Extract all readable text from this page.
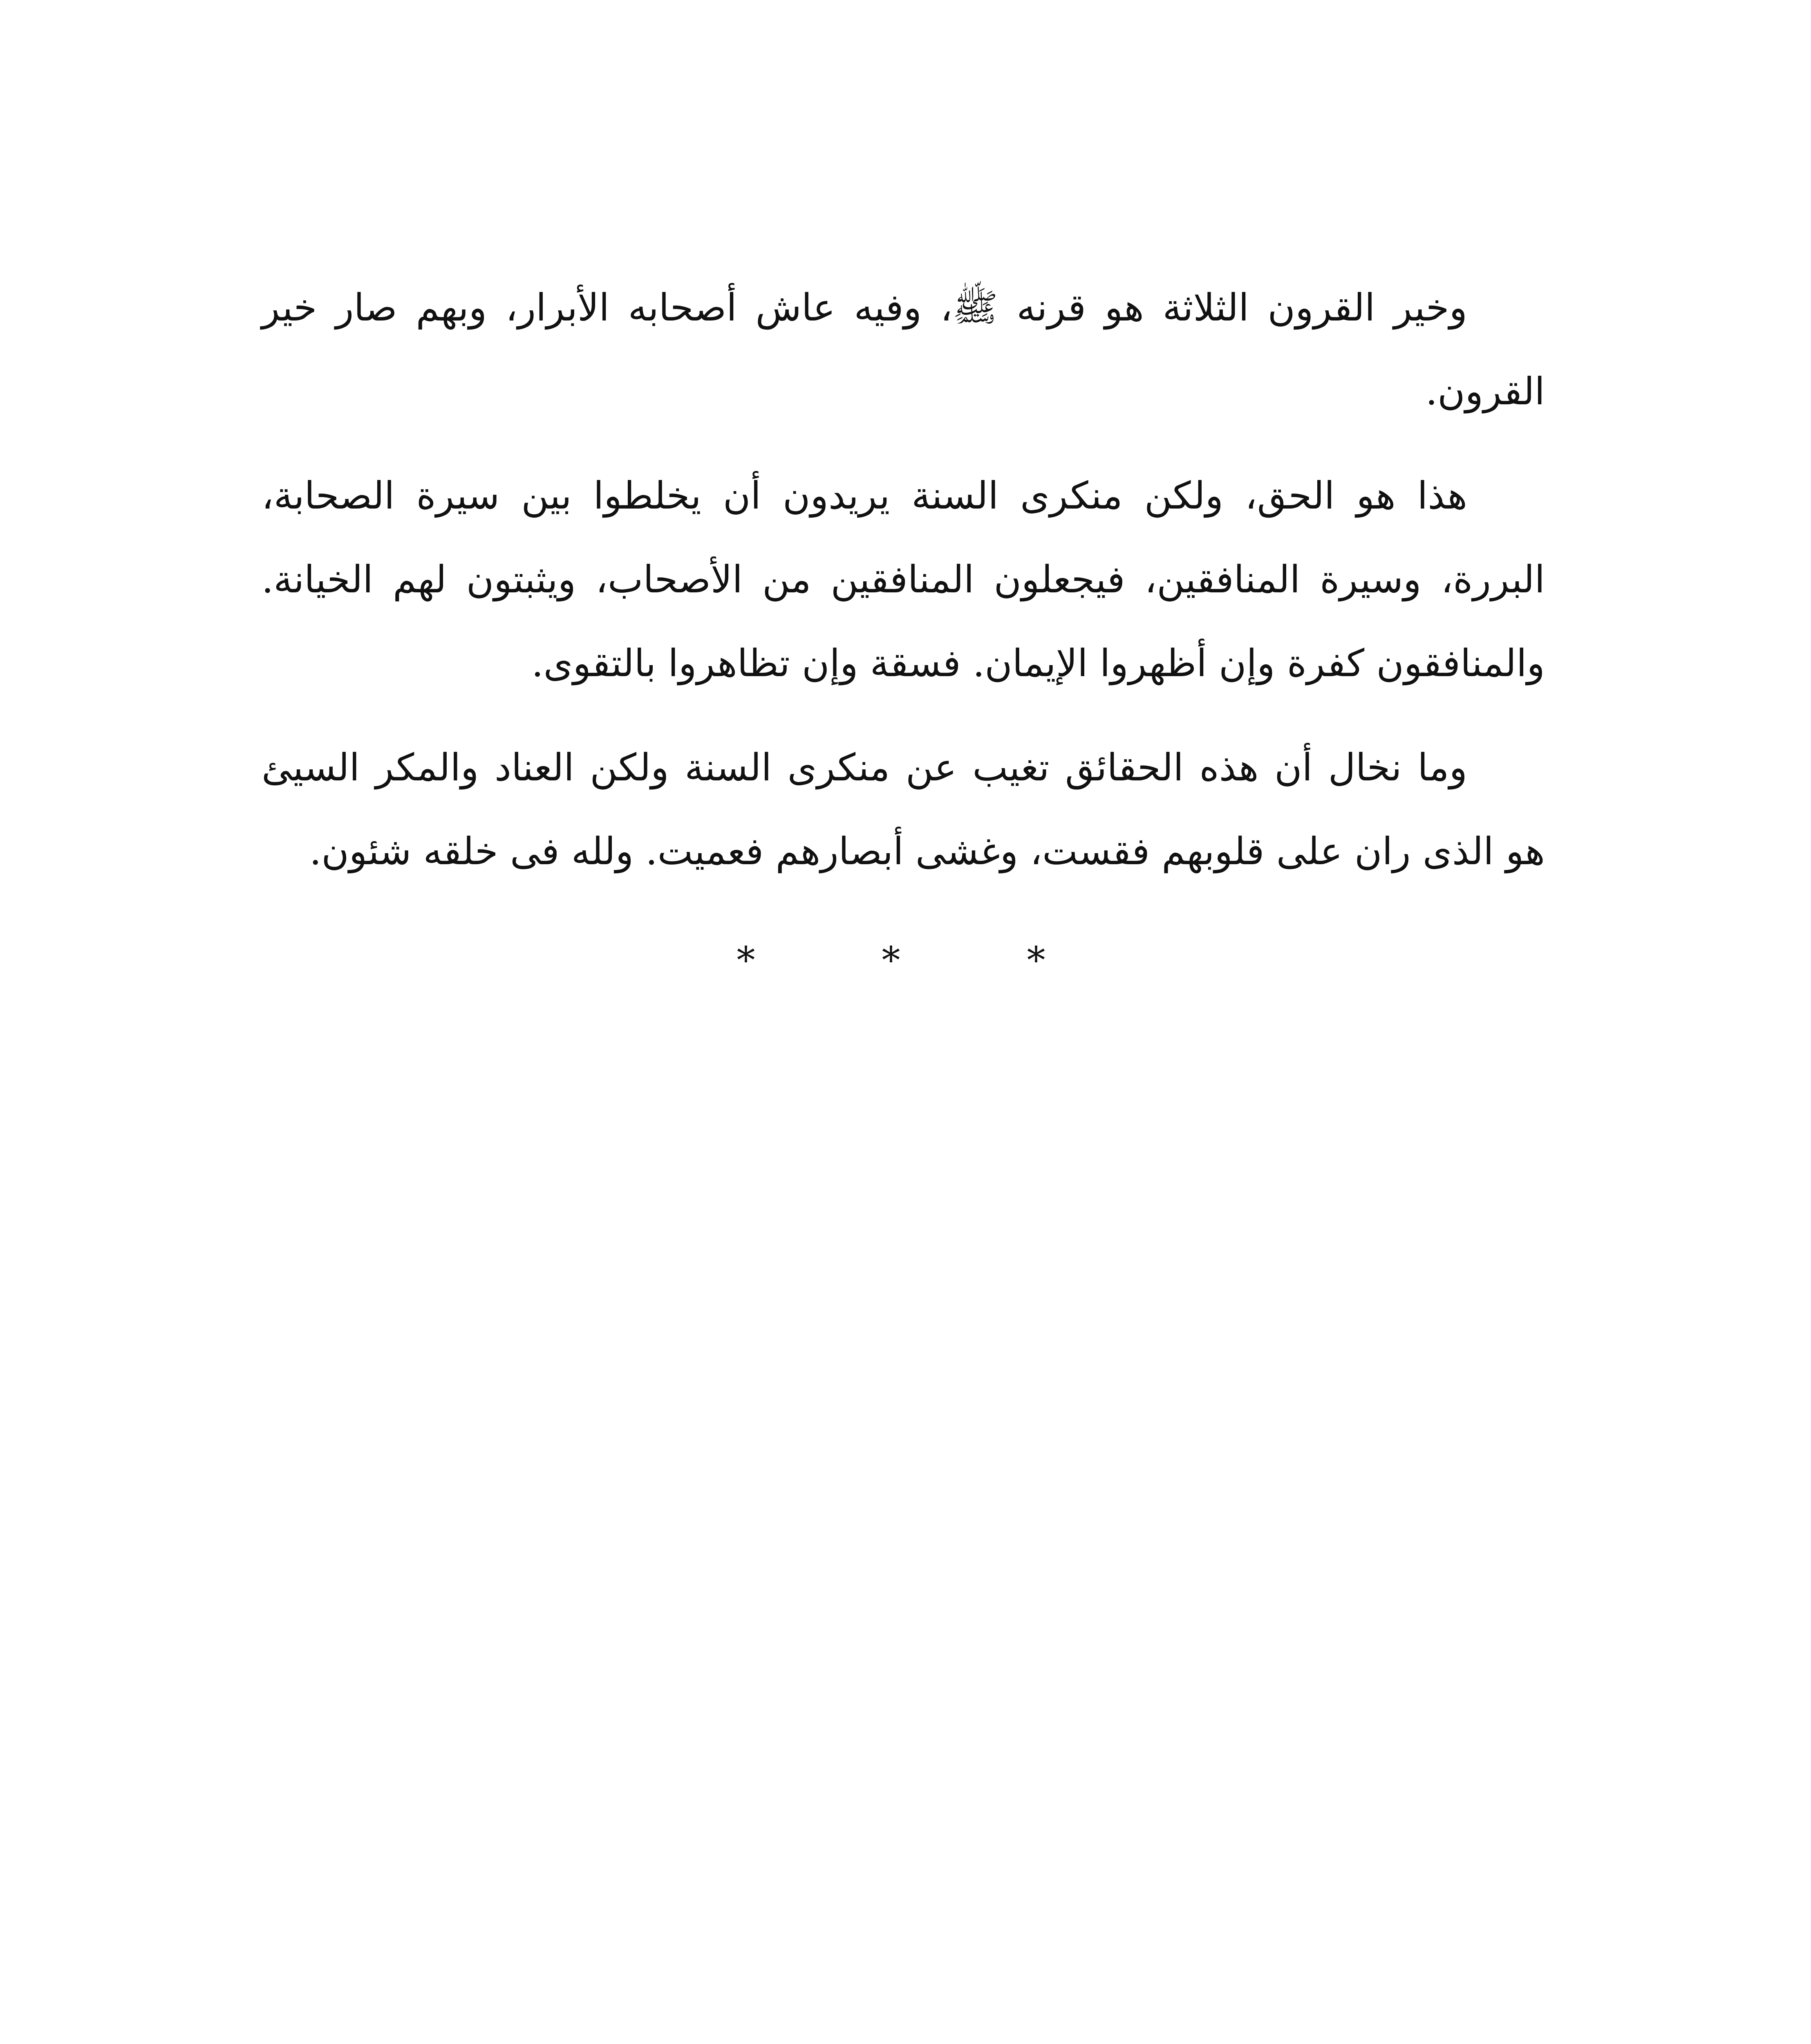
وخير القرون الثلاثة هو قرنه ﷺ، وفيه عاش أصحابه الأبرار، وبهم صار خير القرون.

هذا هو الحق، ولكن منكرى السنة يريدون أن يخلطوا بين سيرة الصحابة، البررة، وسيرة المنافقين، فيجعلون المنافقين من الأصحاب، ويثبتون لهم الخيانة. والمنافقون كفرة وإن أظهروا الإيمان. فسقة وإن تظاهروا بالتقوى.

وما نخال أن هذه الحقائق تغيب عن منكرى السنة ولكن العناد والمكر السيئ هو الذى ران على قلوبهم فقست، وغشى أبصارهم فعميت. ولله فى خلقه شئون.

*	*	*
